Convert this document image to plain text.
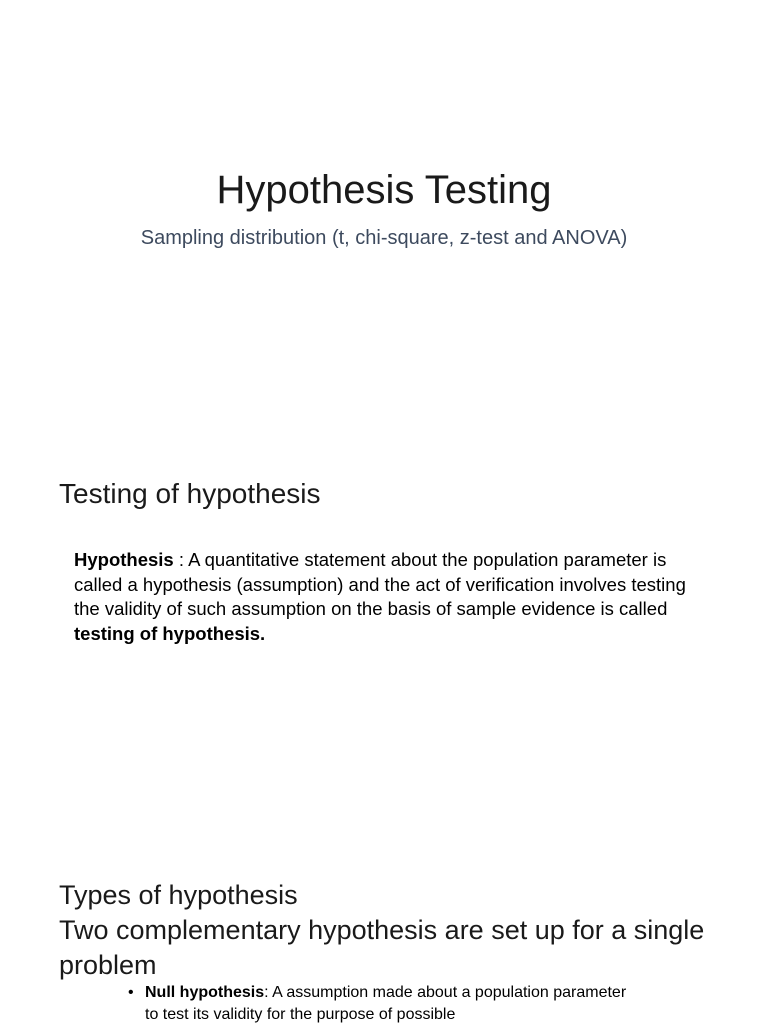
Hypothesis Testing
Sampling distribution (t, chi-square, z-test and ANOVA)
Testing of hypothesis
Hypothesis : A quantitative statement about the population parameter is called a hypothesis (assumption) and the act of verification involves testing the validity of such assumption on the basis of sample evidence is called testing of hypothesis.
Types of hypothesis
Two complementary hypothesis are set up for a single problem
• Null hypothesis: A assumption made about a population parameter to test its validity for the purpose of possible
